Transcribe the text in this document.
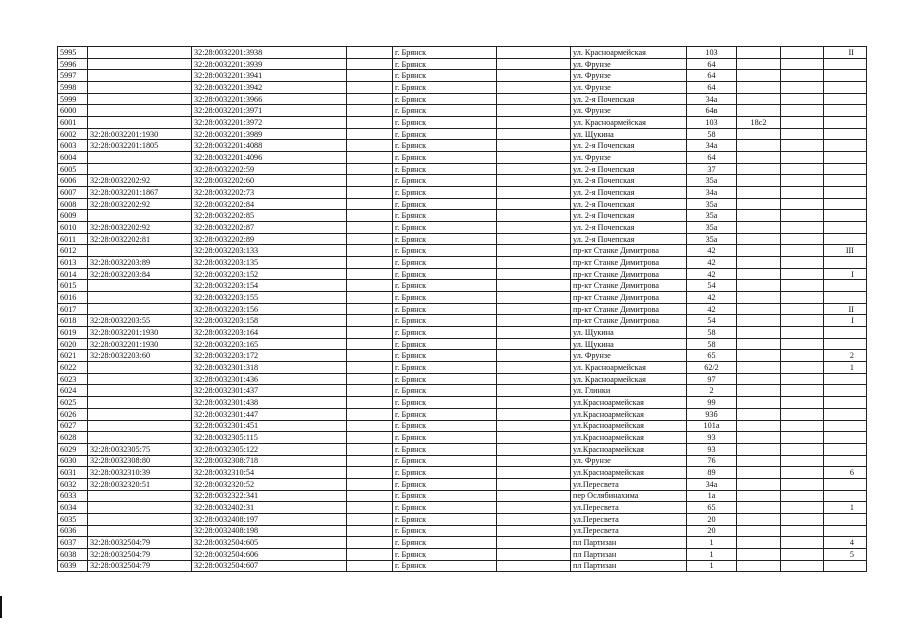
5995		32:28:0032201:3938		г. Брянск		ул. Красноармейская	103			II
5996		32:28:0032201:3939		г. Брянск		ул. Фрунзе	64			
5997		32:28:0032201:3941		г. Брянск		ул. Фрунзе	64			
5998		32:28:0032201:3942		г. Брянск		ул. Фрунзе	64			
5999		32:28:0032201:3966		г. Брянск		ул. 2-я Почепская	34а			
6000		32:28:0032201:3971		г. Брянск		ул. Фрунзе	64в			
6001		32:28:0032201:3972		г. Брянск		ул. Красноармейская	103	18с2		
6002	32:28:0032201:1930	32:28:0032201:3989		г. Брянск		ул. Щукина	58			
6003	32:28:0032201:1805	32:28:0032201:4088		г. Брянск		ул. 2-я Почепская	34а			
6004		32:28:0032201:4096		г. Брянск		ул. Фрунзе	64			
6005		32:28:0032202:59		г. Брянск		ул. 2-я Почепская	37			
6006	32:28:0032202:92	32:28:0032202:60		г. Брянск		ул. 2-я Почепская	35а			
6007	32:28:0032201:1867	32:28:0032202:73		г. Брянск		ул. 2-я Почепская	34а			
6008	32:28:0032202:92	32:28:0032202:84		г. Брянск		ул. 2-я Почепская	35а			
6009		32:28:0032202:85		г. Брянск		ул. 2-я Почепская	35а			
6010	32:28:0032202:92	32:28:0032202:87		г. Брянск		ул. 2-я Почепская	35а			
6011	32:28:0032202:81	32:28:0032202:89		г. Брянск		ул. 2-я Почепская	35а			
6012		32:28:0032203:133		г. Брянск		пр-кт Станке Димитрова	42			III
6013	32:28:0032203:89	32:28:0032203:135		г. Брянск		пр-кт Станке Димитрова	42			
6014	32:28:0032203:84	32:28:0032203:152		г. Брянск		пр-кт Станке Димитрова	42			I
6015		32:28:0032203:154		г. Брянск		пр-кт Станке Димитрова	54			
6016		32:28:0032203:155		г. Брянск		пр-кт Станке Димитрова	42			
6017		32:28:0032203:156		г. Брянск		пр-кт Станке Димитрова	42			II
6018	32:28:0032203:55	32:28:0032203:158		г. Брянск		пр-кт Станке Димитрова	54			I
6019	32:28:0032201:1930	32:28:0032203:164		г. Брянск		ул. Щукина	58			
6020	32:28:0032201:1930	32:28:0032203:165		г. Брянск		ул. Щукина	58			
6021	32:28:0032203:60	32:28:0032203:172		г. Брянск		ул. Фрунзе	65			2
6022		32:28:0032301:318		г. Брянск		ул. Красноармейская	62/2			1
6023		32:28:0032301:436		г. Брянск		ул. Красноармейская	97			
6024		32:28:0032301:437		г. Брянск		ул. Глинки	2			
6025		32:28:0032301:438		г. Брянск		ул.Красноармейская	99			
6026		32:28:0032301:447		г. Брянск		ул.Красноармейская	93б			
6027		32:28:0032301:451		г. Брянск		ул.Красноармейская	101а			
6028		32:28:0032305:115		г. Брянск		ул.Красноармейская	93			
6029	32:28:0032305:75	32:28:0032305:122		г. Брянск		ул.Красноармейская	93			
6030	32:28:0032308:80	32:28:0032308:718		г. Брянск		ул. Фрунзе	76			
6031	32:28:0032310:39	32:28:0032310:54		г. Брянск		ул.Красноармейская	89			6
6032	32:28:0032320:51	32:28:0032320:52		г. Брянск		ул.Пересвета	34а			
6033		32:28:0032322:341		г. Брянск		пер Ослябинахима	1а			
6034		32:28:0032402:31		г. Брянск		ул.Пересвета	65			1
6035		32:28:0032408:197		г. Брянск		ул.Пересвета	20			
6036		32:28:0032408:198		г. Брянск		ул.Пересвета	20			
6037	32:28:0032504:79	32:28:0032504:605		г. Брянск		пл Партизан	1			4
6038	32:28:0032504:79	32:28:0032504:606		г. Брянск		пл Партизан	1			5
6039	32:28:0032504:79	32:28:0032504:607		г. Брянск		пл Партизан	1			
